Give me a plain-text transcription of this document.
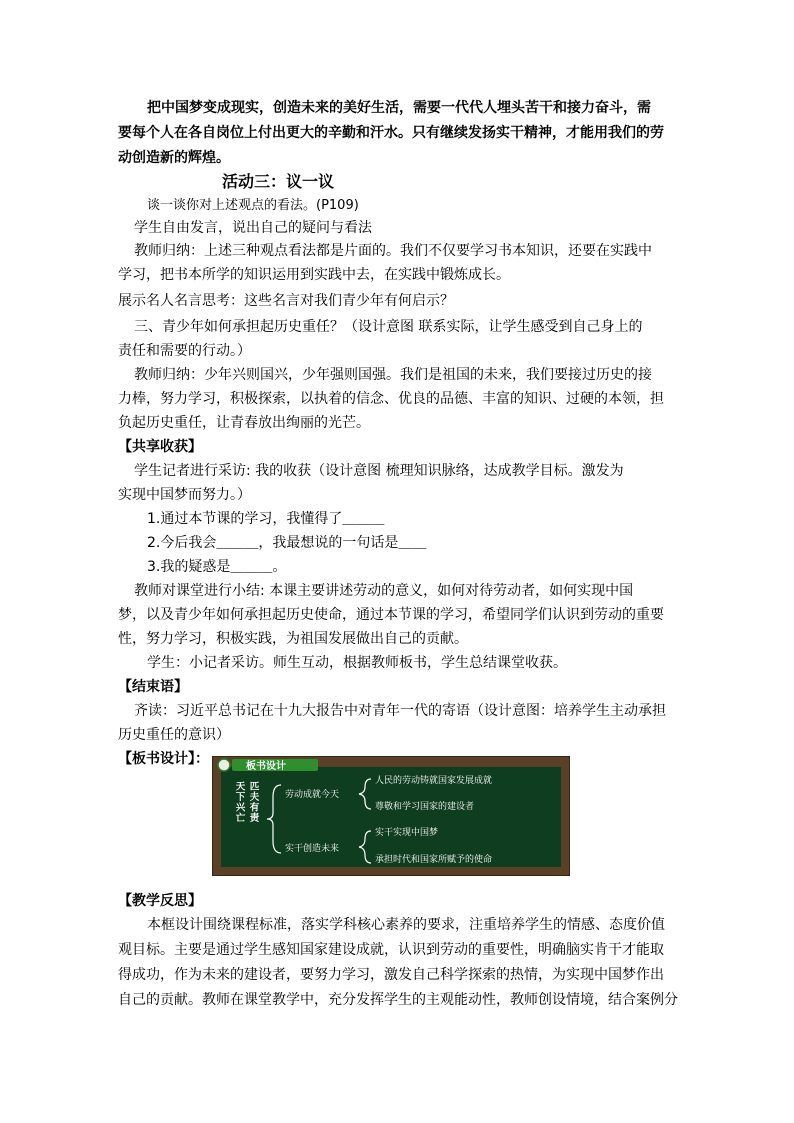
把中国梦变成现实，创造未来的美好生活，需要一代代人埋头苦干和接力奋斗，需
要每个人在各自岗位上付出更大的辛勤和汗水。只有继续发扬实干精神，才能用我们的劳
动创造新的辉煌。
活动三：议一议
谈一谈你对上述观点的看法。(P109)
学生自由发言，说出自己的疑问与看法
教师归纳：上述三种观点看法都是片面的。我们不仅要学习书本知识，还要在实践中
学习，把书本所学的知识运用到实践中去，在实践中锻炼成长。
展示名人名言思考：这些名言对我们青少年有何启示？
三、青少年如何承担起历史重任？（设计意图 联系实际，让学生感受到自己身上的
责任和需要的行动。）
教师归纳：少年兴则国兴，少年强则国强。我们是祖国的未来，我们要接过历史的接
力棒，努力学习，积极探索，以执着的信念、优良的品德、丰富的知识、过硬的本领，担
负起历史重任，让青春放出绚丽的光芒。
【共享收获】
学生记者进行采访: 我的收获（设计意图 梳理知识脉络，达成教学目标。激发为
实现中国梦而努力。）
1.通过本节课的学习，我懂得了＿＿＿
2.今后我会＿＿＿，我最想说的一句话是＿＿
3.我的疑惑是＿＿＿。
教师对课堂进行小结: 本课主要讲述劳动的意义，如何对待劳动者，如何实现中国
梦，以及青少年如何承担起历史使命，通过本节课的学习，希望同学们认识到劳动的重要
性，努力学习，积极实践，为祖国发展做出自己的贡献。
学生：小记者采访。师生互动，根据教师板书，学生总结课堂收获。
【结束语】
齐读：习近平总书记在十九大报告中对青年一代的寄语（设计意图：培养学生主动承担
历史重任的意识）
【板书设计】：
天下兴亡 匹夫有责	劳动成就今天
实干创造未来
人民的劳动铸就国家发展成就
尊敬和学习国家的建设者
实干实现中国梦
承担时代和国家所赋予的使命
板书设计
【教学反思】
本框设计围绕课程标准，落实学科核心素养的要求，注重培养学生的情感、态度价值
观目标。主要是通过学生感知国家建设成就，认识到劳动的重要性，明确脑实肯干才能取
得成功，作为未来的建设者，要努力学习，激发自己科学探索的热情，为实现中国梦作出
自己的贡献。教师在课堂教学中，充分发挥学生的主观能动性，教师创设情境，结合案例分
